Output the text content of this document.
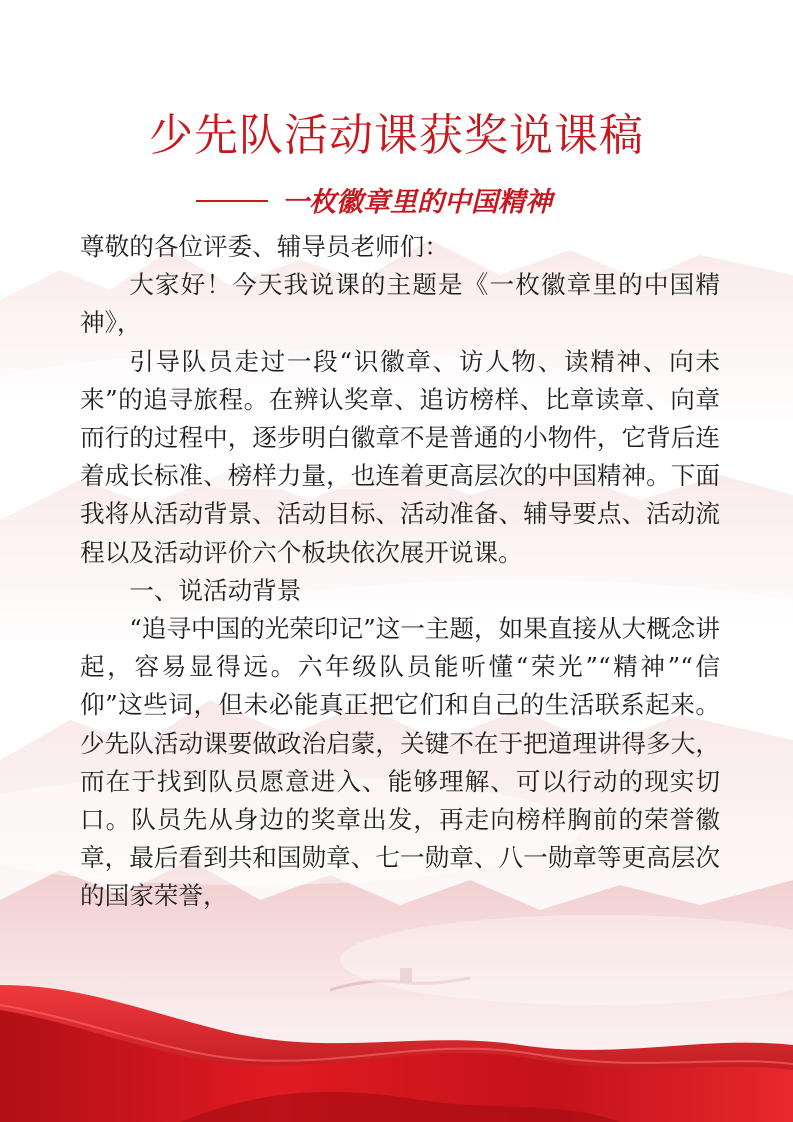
少先队活动课获奖说课稿
一枚徽章里的中国精神

尊敬的各位评委、辅导员老师们：

大家好！今天我说课的主题是《一枚徽章里的中国精神》，

引导队员走过一段“识徽章、访人物、读精神、向未来”的追寻旅程。在辨认奖章、追访榜样、比章读章、向章而行的过程中，逐步明白徽章不是普通的小物件，它背后连着成长标准、榜样力量，也连着更高层次的中国精神。下面我将从活动背景、活动目标、活动准备、辅导要点、活动流程以及活动评价六个板块依次展开说课。

一、说活动背景

“追寻中国的光荣印记”这一主题，如果直接从大概念讲起，容易显得远。六年级队员能听懂“荣光”“精神”“信仰”这些词，但未必能真正把它们和自己的生活联系起来。少先队活动课要做政治启蒙，关键不在于把道理讲得多大，而在于找到队员愿意进入、能够理解、可以行动的现实切口。队员先从身边的奖章出发，再走向榜样胸前的荣誉徽章，最后看到共和国勋章、七一勋章、八一勋章等更高层次的国家荣誉，
